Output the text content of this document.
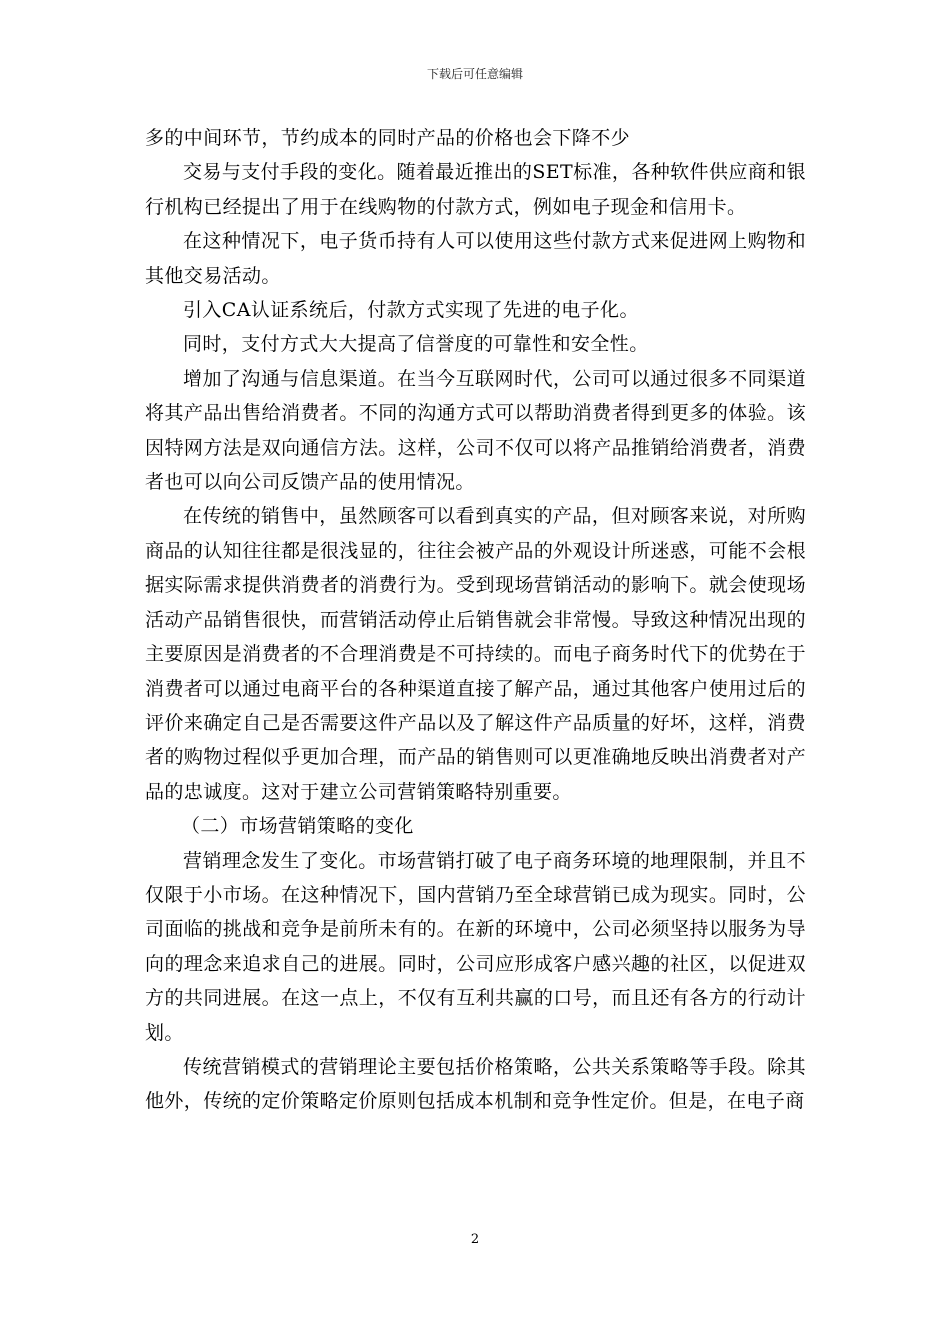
下载后可任意编辑

多的中间环节，节约成本的同时产品的价格也会下降不少

交易与支付手段的变化。随着最近推出的SET标准，各种软件供应商和银行机构已经提出了用于在线购物的付款方式，例如电子现金和信用卡。

在这种情况下，电子货币持有人可以使用这些付款方式来促进网上购物和其他交易活动。

引入CA认证系统后，付款方式实现了先进的电子化。

同时，支付方式大大提高了信誉度的可靠性和安全性。

增加了沟通与信息渠道。在当今互联网时代，公司可以通过很多不同渠道将其产品出售给消费者。不同的沟通方式可以帮助消费者得到更多的体验。该因特网方法是双向通信方法。这样，公司不仅可以将产品推销给消费者，消费者也可以向公司反馈产品的使用情况。

在传统的销售中，虽然顾客可以看到真实的产品，但对顾客来说，对所购商品的认知往往都是很浅显的，往往会被产品的外观设计所迷惑，可能不会根据实际需求提供消费者的消费行为。受到现场营销活动的影响下。就会使现场活动产品销售很快，而营销活动停止后销售就会非常慢。导致这种情况出现的主要原因是消费者的不合理消费是不可持续的。而电子商务时代下的优势在于消费者可以通过电商平台的各种渠道直接了解产品，通过其他客户使用过后的评价来确定自己是否需要这件产品以及了解这件产品质量的好坏，这样，消费者的购物过程似乎更加合理，而产品的销售则可以更准确地反映出消费者对产品的忠诚度。这对于建立公司营销策略特别重要。

（二）市场营销策略的变化

营销理念发生了变化。市场营销打破了电子商务环境的地理限制，并且不仅限于小市场。在这种情况下，国内营销乃至全球营销已成为现实。同时，公司面临的挑战和竞争是前所未有的。在新的环境中，公司必须坚持以服务为导向的理念来追求自己的进展。同时，公司应形成客户感兴趣的社区，以促进双方的共同进展。在这一点上，不仅有互利共赢的口号，而且还有各方的行动计划。

传统营销模式的营销理论主要包括价格策略，公共关系策略等手段。除其他外，传统的定价策略定价原则包括成本机制和竞争性定价。但是，在电子商

2
